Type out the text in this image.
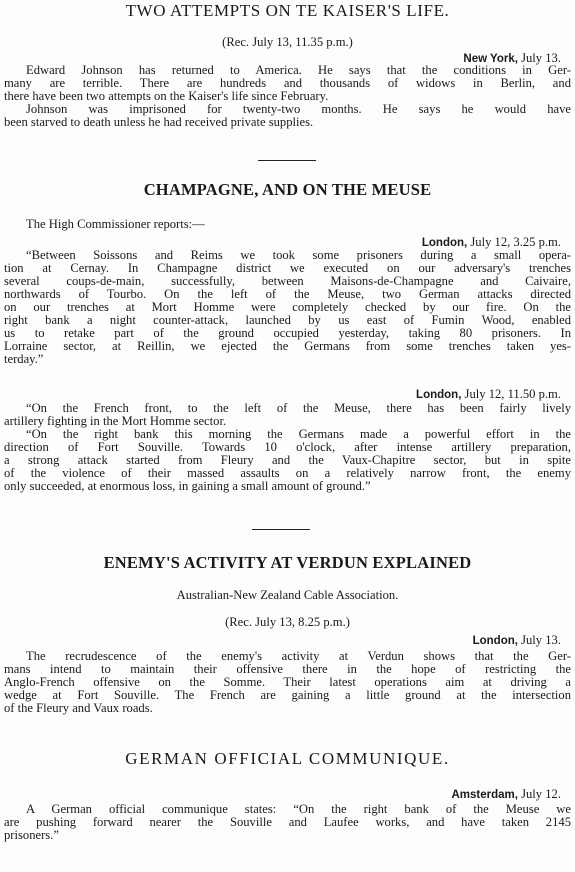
TWO ATTEMPTS ON TE KAISER'S LIFE.
(Rec. July 13, 11.35 p.m.)
New York, July 13.
Edward Johnson has returned to America. He says that the conditions in Ger-
many are terrible. There are hundreds and thousands of widows in Berlin, and
there have been two attempts on the Kaiser's life since February.
Johnson was imprisoned for twenty-two months. He says he would have
been starved to death unless he had received private supplies.
CHAMPAGNE, AND ON THE MEUSE
The High Commissioner reports:—
London, July 12, 3.25 p.m.
“Between Soissons and Reims we took some prisoners during a small opera-
tion at Cernay. In Champagne district we executed on our adversary's trenches
several coups-de-main, successfully, between Maisons-de-Champagne and Caivaire,
northwards of Tourbo. On the left of the Meuse, two German attacks directed
on our trenches at Mort Homme were completely checked by our fire. On the
right bank a night counter-attack, launched by us east of Fumin Wood, enabled
us to retake part of the ground occupied yesterday, taking 80 prisoners. In
Lorraine sector, at Reillin, we ejected the Germans from some trenches taken yes-
terday.”
London, July 12, 11.50 p.m.
“On the French front, to the left of the Meuse, there has been fairly lively
artillery fighting in the Mort Homme sector.
“On the right bank this morning the Germans made a powerful effort in the
direction of Fort Souville. Towards 10 o'clock, after intense artillery preparation,
a strong attack started from Fleury and the Vaux-Chapitre sector, but in spite
of the violence of their massed assaults on a relatively narrow front, the enemy
only succeeded, at enormous loss, in gaining a small amount of ground.”
ENEMY'S ACTIVITY AT VERDUN EXPLAINED
Australian-New Zealand Cable Association.
(Rec. July 13, 8.25 p.m.)
London, July 13.
The recrudescence of the enemy's activity at Verdun shows that the Ger-
mans intend to maintain their offensive there in the hope of restricting the
Anglo-French offensive on the Somme. Their latest operations aim at driving a
wedge at Fort Souville. The French are gaining a little ground at the intersection
of the Fleury and Vaux roads.
GERMAN OFFICIAL COMMUNIQUE.
Amsterdam, July 12.
A German official communique states: “On the right bank of the Meuse we
are pushing forward nearer the Souville and Laufee works, and have taken 2145
prisoners.”
